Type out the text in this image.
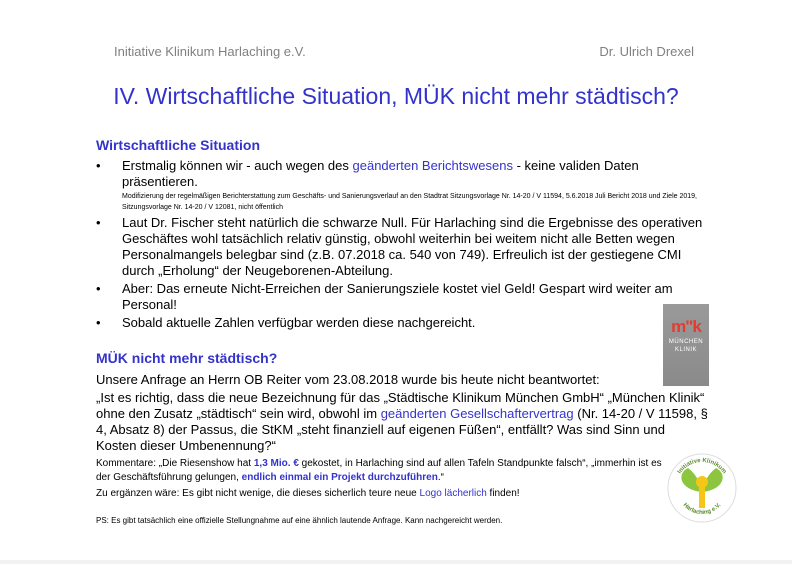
Initiative Klinikum Harlaching e.V.	Dr. Ulrich Drexel
IV. Wirtschaftliche Situation, MÜK nicht mehr städtisch?
Wirtschaftliche Situation
• Erstmalig können wir - auch wegen des geänderten Berichtswesens - keine validen Daten präsentieren.
Modifizierung der regelmäßigen Berichterstattung zum Geschäfts- und Sanierungsverlauf an den Stadtrat Sitzungsvorlage Nr. 14-20 / V 11594, 5.6.2018 Juli Bericht 2018 und Ziele 2019, Sitzungsvorlage Nr. 14-20 / V 12081, nicht öffentlich
• Laut Dr. Fischer steht natürlich die schwarze Null. Für Harlaching sind die Ergebnisse des operativen Geschäftes wohl tatsächlich relativ günstig, obwohl weiterhin bei weitem nicht alle Betten wegen Personalmangels belegbar sind (z.B. 07.2018 ca. 540 von 749). Erfreulich ist der gestiegene CMI durch „Erholung“ der Neugeborenen-Abteilung.
• Aber: Das erneute Nicht-Erreichen der Sanierungsziele kostet viel Geld! Gespart wird weiter am Personal!
• Sobald aktuelle Zahlen verfügbar werden diese nachgereicht.	m"k
MÜNCHEN
KLINIK
MÜK nicht mehr städtisch?
Unsere Anfrage an Herrn OB Reiter vom 23.08.2018 wurde bis heute nicht beantwortet:
„Ist es richtig, dass die neue Bezeichnung für das „Städtische Klinikum München GmbH“ „München Klinik“ ohne den Zusatz „städtisch“ sein wird, obwohl im geänderten Gesellschaftervertrag (Nr. 14-20 / V 11598, § 4, Absatz 8) der Passus, die StKM „steht finanziell auf eigenen Füßen“, entfällt? Was sind Sinn und Kosten dieser Umbenennung?“
Kommentare: „Die Riesenshow hat 1,3 Mio. € gekostet, in Harlaching sind auf allen Tafeln Standpunkte falsch“, „immerhin ist es der Geschäftsführung gelungen, endlich einmal ein Projekt durchzuführen.“
Zu ergänzen wäre: Es gibt nicht wenige, die dieses sicherlich teure neue Logo lächerlich finden!
PS: Es gibt tatsächlich eine offizielle Stellungnahme auf eine ähnlich lautende Anfrage. Kann nachgereicht werden.
Initiative Klinikum
Harlaching e.V.
